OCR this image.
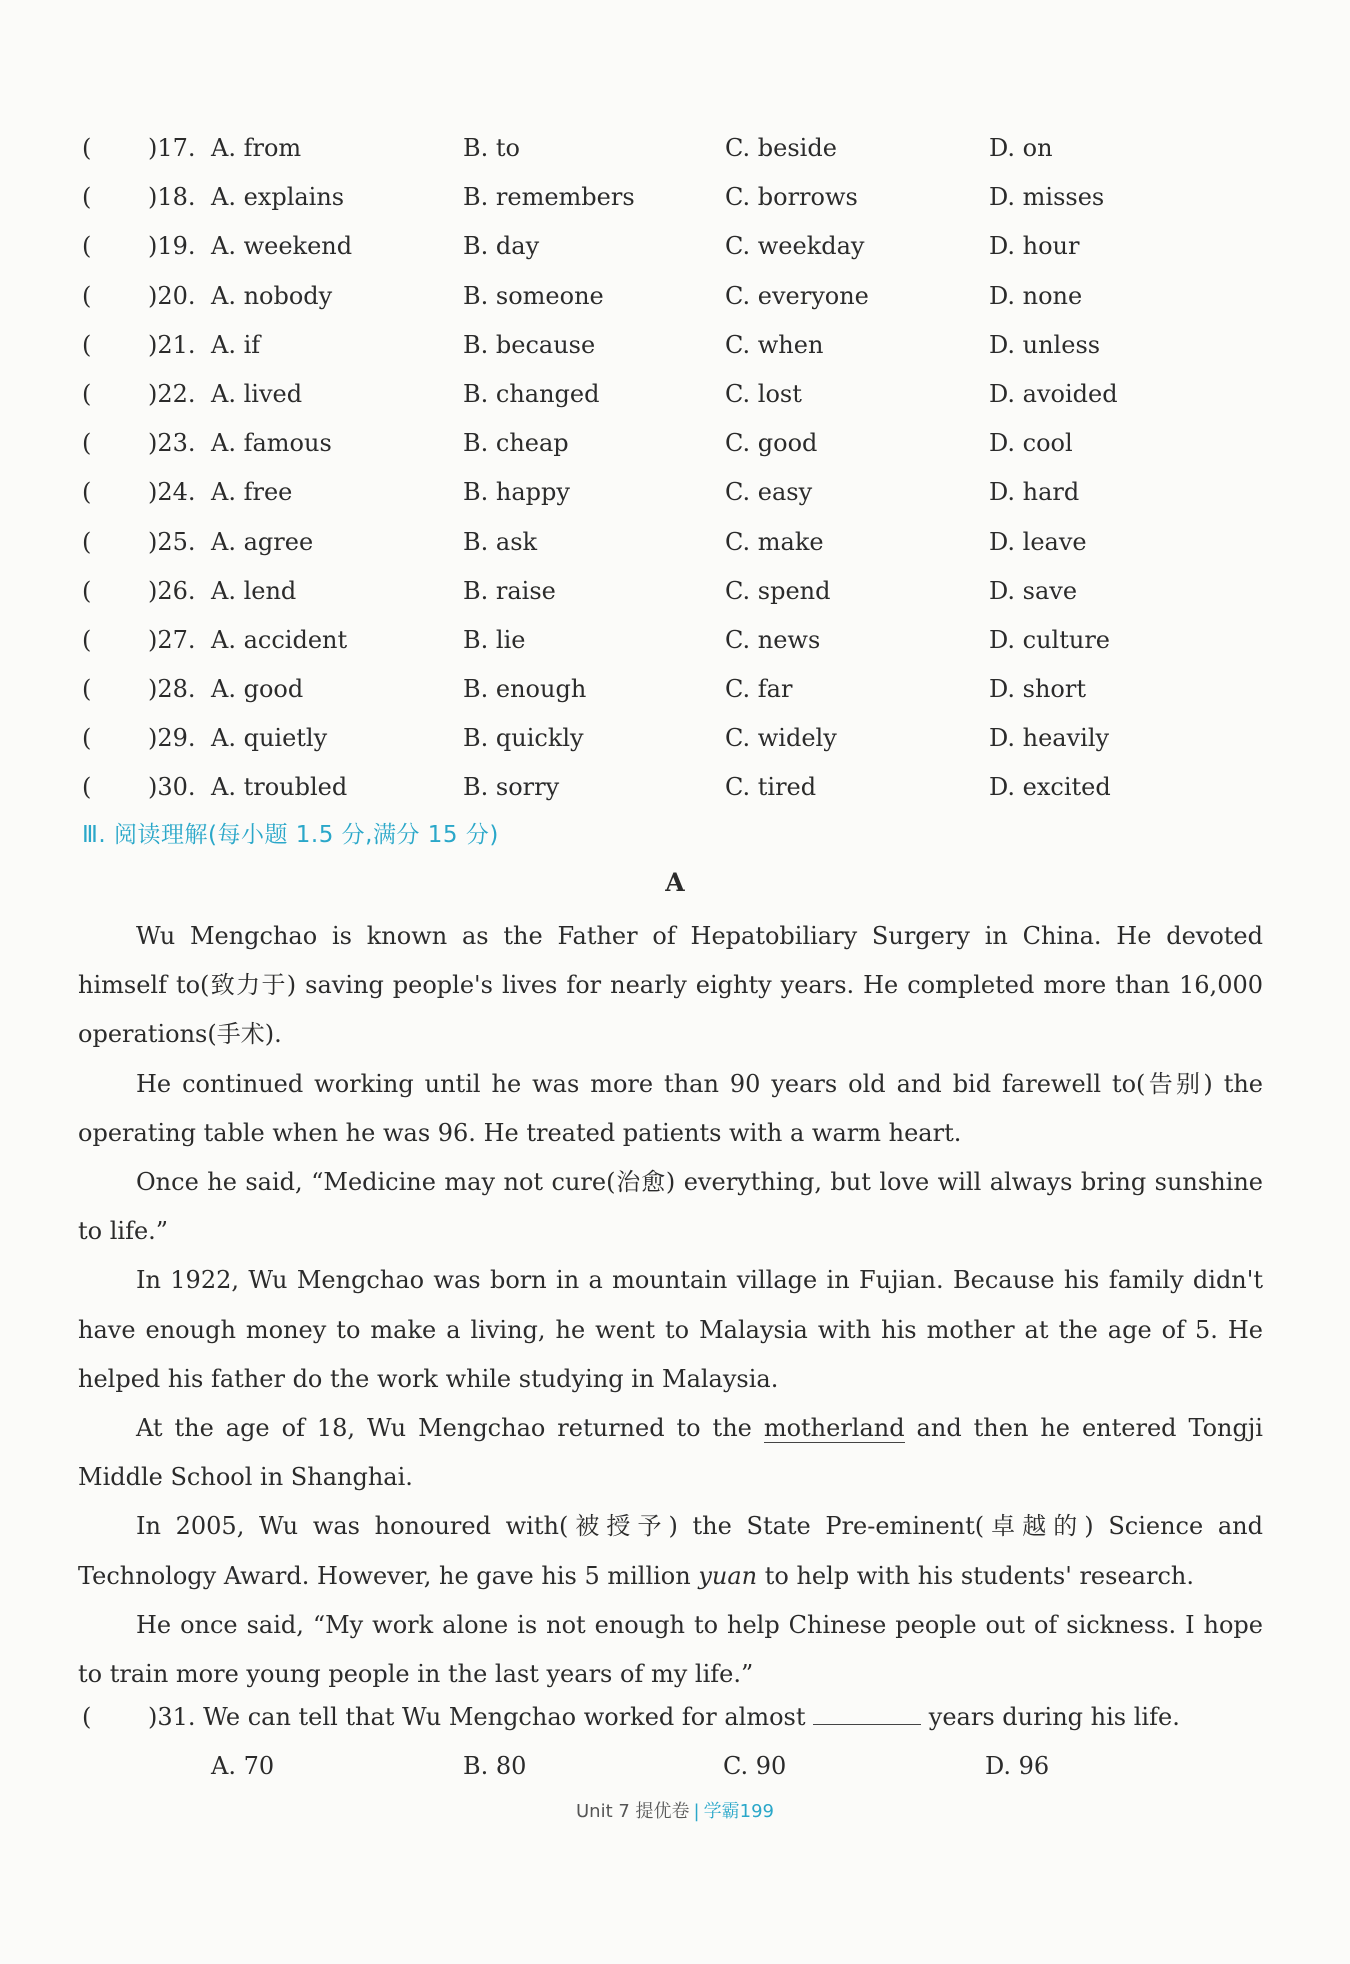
( )17. A. from	B. to	C. beside	D. on
( )18. A. explains	B. remembers	C. borrows	D. misses
( )19. A. weekend	B. day	C. weekday	D. hour
( )20. A. nobody	B. someone	C. everyone	D. none
( )21. A. if	B. because	C. when	D. unless
( )22. A. lived	B. changed	C. lost	D. avoided
( )23. A. famous	B. cheap	C. good	D. cool
( )24. A. free	B. happy	C. easy	D. hard
( )25. A. agree	B. ask	C. make	D. leave
( )26. A. lend	B. raise	C. spend	D. save
( )27. A. accident	B. lie	C. news	D. culture
( )28. A. good	B. enough	C. far	D. short
( )29. A. quietly	B. quickly	C. widely	D. heavily
( )30. A. troubled	B. sorry	C. tired	D. excited
Ⅲ. 阅读理解(每小题 1.5 分,满分 15 分)
A

Wu Mengchao is known as the Father of Hepatobiliary Surgery in China. He devoted himself to(致力于) saving people's lives for nearly eighty years. He completed more than 16,000 operations(手术).

He continued working until he was more than 90 years old and bid farewell to(告别) the operating table when he was 96. He treated patients with a warm heart.

Once he said, “Medicine may not cure(治愈) everything, but love will always bring sunshine to life.”

In 1922, Wu Mengchao was born in a mountain village in Fujian. Because his family didn't have enough money to make a living, he went to Malaysia with his mother at the age of 5. He helped his father do the work while studying in Malaysia.

At the age of 18, Wu Mengchao returned to the motherland and then he entered Tongji Middle School in Shanghai.

In 2005, Wu was honoured with(被授予) the State Pre-eminent(卓越的) Science and Technology Award. However, he gave his 5 million yuan to help with his students' research.

He once said, “My work alone is not enough to help Chinese people out of sickness. I hope to train more young people in the last years of my life.”

( )31. We can tell that Wu Mengchao worked for almost	years during his life.
A. 70	B. 80	C. 90	D. 96
Unit 7 提优卷 | 学霸199
